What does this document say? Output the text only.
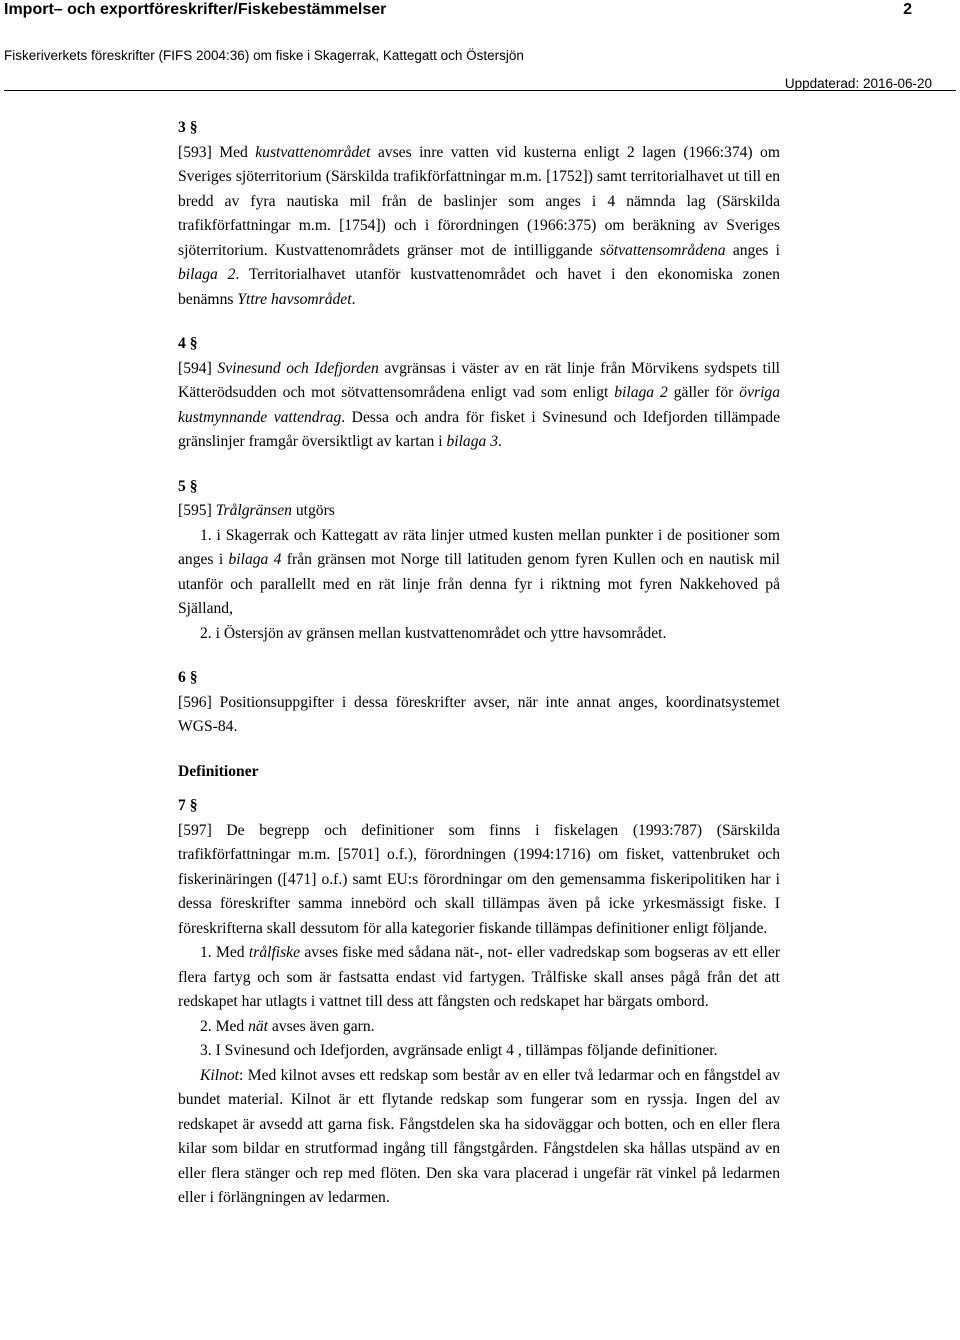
Import– och exportföreskrifter/Fiskebestämmelser	2
Fiskeriverkets föreskrifter (FIFS 2004:36) om fiske i Skagerrak, Kattegatt och Östersjön
Uppdaterad: 2016-06-20
3 §

[593] Med kustvattenområdet avses inre vatten vid kusterna enligt 2 lagen (1966:374) om Sveriges sjöterritorium (Särskilda trafikförfattningar m.m. [1752]) samt territorialhavet ut till en bredd av fyra nautiska mil från de baslinjer som anges i 4 nämnda lag (Särskilda trafikförfattningar m.m. [1754]) och i förordningen (1966:375) om beräkning av Sveriges sjöterritorium. Kustvattenområdets gränser mot de intilliggande sötvattensområdena anges i bilaga 2. Territorialhavet utanför kustvattenområdet och havet i den ekonomiska zonen benämns Yttre havsområdet.

4 §

[594] Svinesund och Idefjorden avgränsas i väster av en rät linje från Mörvikens sydspets till Kätterödsudden och mot sötvattensområdena enligt vad som enligt bilaga 2 gäller för övriga kustmynnande vattendrag. Dessa och andra för fisket i Svinesund och Idefjorden tillämpade gränslinjer framgår översiktligt av kartan i bilaga 3.

5 §

[595] Trålgränsen utgörs

1. i Skagerrak och Kattegatt av räta linjer utmed kusten mellan punkter i de positioner som anges i bilaga 4 från gränsen mot Norge till latituden genom fyren Kullen och en nautisk mil utanför och parallellt med en rät linje från denna fyr i riktning mot fyren Nakkehoved på Själland,

2. i Östersjön av gränsen mellan kustvattenområdet och yttre havsområdet.

6 §

[596] Positionsuppgifter i dessa föreskrifter avser, när inte annat anges, koordinatsystemet WGS-84.

Definitioner

7 §

[597] De begrepp och definitioner som finns i fiskelagen (1993:787) (Särskilda trafikförfattningar m.m. [5701] o.f.), förordningen (1994:1716) om fisket, vattenbruket och fiskerinäringen ([471] o.f.) samt EU:s förordningar om den gemensamma fiskeripolitiken har i dessa föreskrifter samma innebörd och skall tillämpas även på icke yrkesmässigt fiske. I föreskrifterna skall dessutom för alla kategorier fiskande tillämpas definitioner enligt följande.

1. Med trålfiske avses fiske med sådana nät-, not- eller vadredskap som bogseras av ett eller flera fartyg och som är fastsatta endast vid fartygen. Trålfiske skall anses pågå från det att redskapet har utlagts i vattnet till dess att fångsten och redskapet har bärgats ombord.

2. Med nät avses även garn.

3. I Svinesund och Idefjorden, avgränsade enligt 4 , tillämpas följande definitioner.

Kilnot: Med kilnot avses ett redskap som består av en eller två ledarmar och en fångstdel av bundet material. Kilnot är ett flytande redskap som fungerar som en ryssja. Ingen del av redskapet är avsedd att garna fisk. Fångstdelen ska ha sidoväggar och botten, och en eller flera kilar som bildar en strutformad ingång till fångstgården. Fångstdelen ska hållas utspänd av en eller flera stänger och rep med flöten. Den ska vara placerad i ungefär rät vinkel på ledarmen eller i förlängningen av ledarmen.
